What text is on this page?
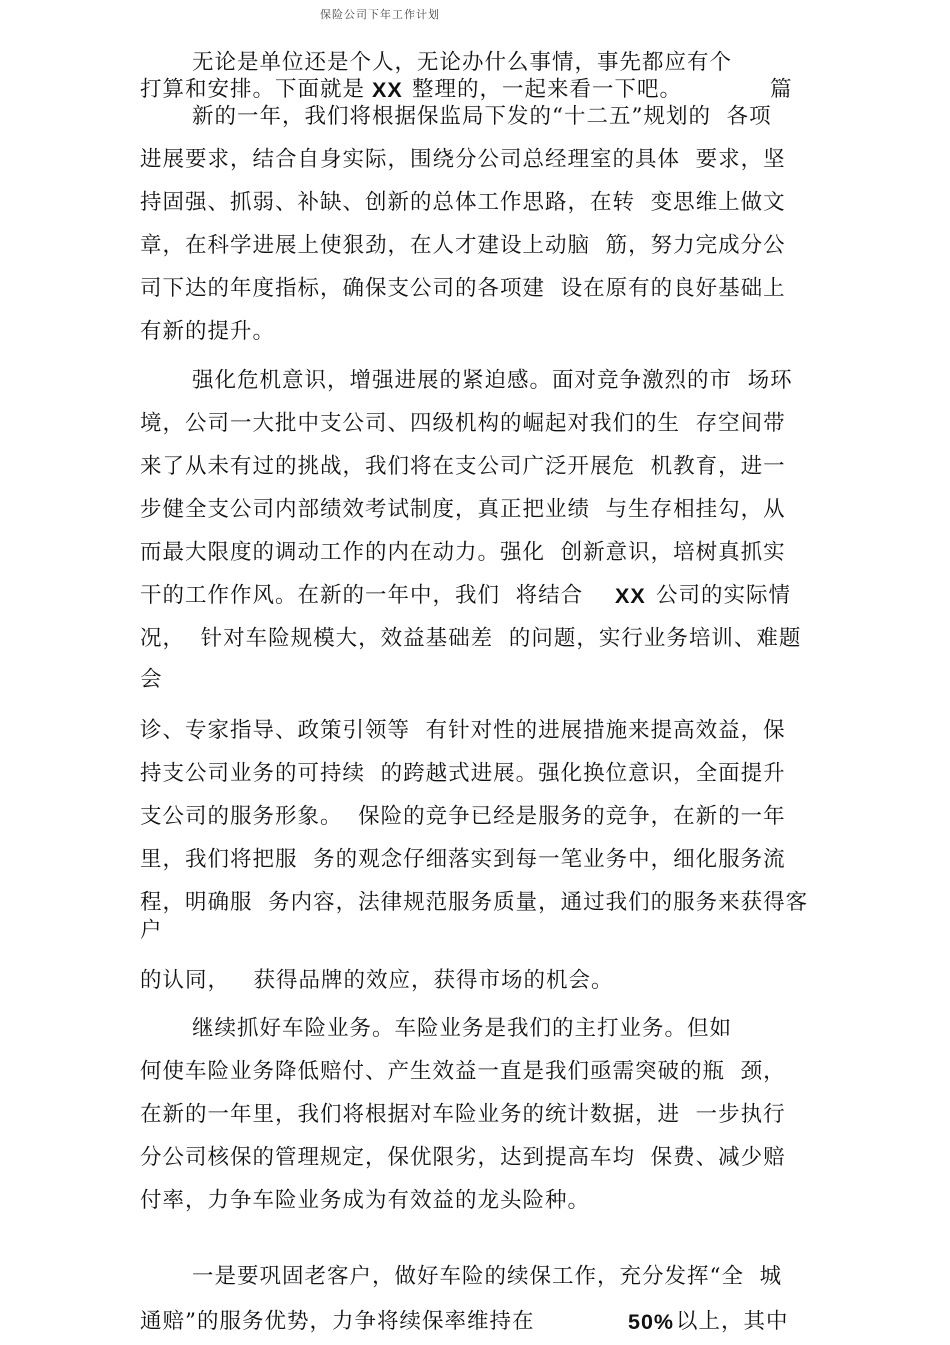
保险公司下年工作计划
无论是单位还是个人，无论办什么事情，事先都应有个
打算和安排。下面就是 XX 整理的，一起来看一下吧。	篇
新的一年，我们将根据保监局下发的“十二五”规划的  各项
进展要求，结合自身实际，围绕分公司总经理室的具体  要求，坚
持固强、抓弱、补缺、创新的总体工作思路，在转  变思维上做文
章，在科学进展上使狠劲，在人才建设上动脑  筋，努力完成分公
司下达的年度指标，确保支公司的各项建  设在原有的良好基础上
有新的提升。
强化危机意识，增强进展的紧迫感。面对竞争激烈的市  场环
境，公司一大批中支公司、四级机构的崛起对我们的生  存空间带
来了从未有过的挑战，我们将在支公司广泛开展危  机教育，进一
步健全支公司内部绩效考试制度，真正把业绩  与生存相挂勾，从
而最大限度的调动工作的内在动力。强化  创新意识，培树真抓实
干的工作作风。在新的一年中，我们  将结合 XX 公司的实际情
况，  针对车险规模大，效益基础差  的问题，实行业务培训、难题
会
诊、专家指导、政策引领等  有针对性的进展措施来提高效益，保
持支公司业务的可持续  的跨越式进展。强化换位意识，全面提升
支公司的服务形象。  保险的竞争已经是服务的竞争，在新的一年
里，我们将把服  务的观念仔细落实到每一笔业务中，细化服务流
程，明确服  务内容，法律规范服务质量，通过我们的服务来获得客
户
的认同，   获得品牌的效应，获得市场的机会。
继续抓好车险业务。车险业务是我们的主打业务。但如
何使车险业务降低赔付、产生效益一直是我们亟需突破的瓶  颈，
在新的一年里，我们将根据对车险业务的统计数据，进  一步执行
分公司核保的管理规定，保优限劣，达到提高车均  保费、减少赔
付率，力争车险业务成为有效益的龙头险种。
一是要巩固老客户，做好车险的续保工作，充分发挥“全  城
通赔”的服务优势，力争将续保率维持在	50% 以上，其中
